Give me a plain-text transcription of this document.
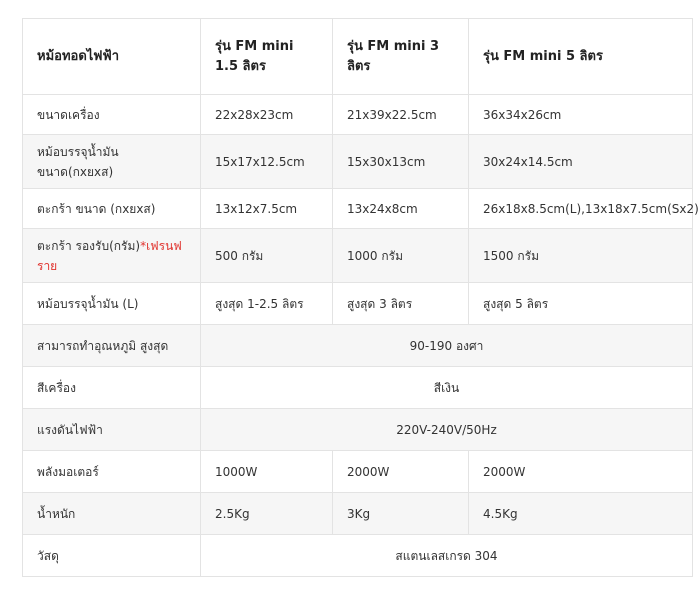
หม้อทอดไฟฟ้า	รุ่น FM mini 1.5 ลิตร	รุ่น FM mini 3 ลิตร	รุ่น FM mini 5 ลิตร
ขนาดเครื่อง	22x28x23cm	21x39x22.5cm	36x34x26cm

หม้อบรรจุน้ำมัน
ขนาด(กxยxส)	15x17x12.5cm	15x30x13cm	30x24x14.5cm
ตะกร้า ขนาด (กxยxส)	13x12x7.5cm	13x24x8cm	26x18x8.5cm(L),13x18x7.5cm(Sx2)
ตะกร้า รองรับ(กรัม)*เฟรนฟ ราย	500 กรัม	1000 กรัม	1500 กรัม
หม้อบรรจุน้ำมัน (L)	สูงสุด 1-2.5 ลิตร	สูงสุด 3 ลิตร	สูงสุด 5 ลิตร
สามารถทำอุณหภูมิ สูงสุด	90-190 องศา		
สีเครื่อง	สีเงิน		
แรงดันไฟฟ้า	220V-240V/50Hz		
พลังมอเตอร์	1000W	2000W	2000W
น้ำหนัก	2.5Kg	3Kg	4.5Kg
วัสดุ	สแตนเลสเกรด 304		
